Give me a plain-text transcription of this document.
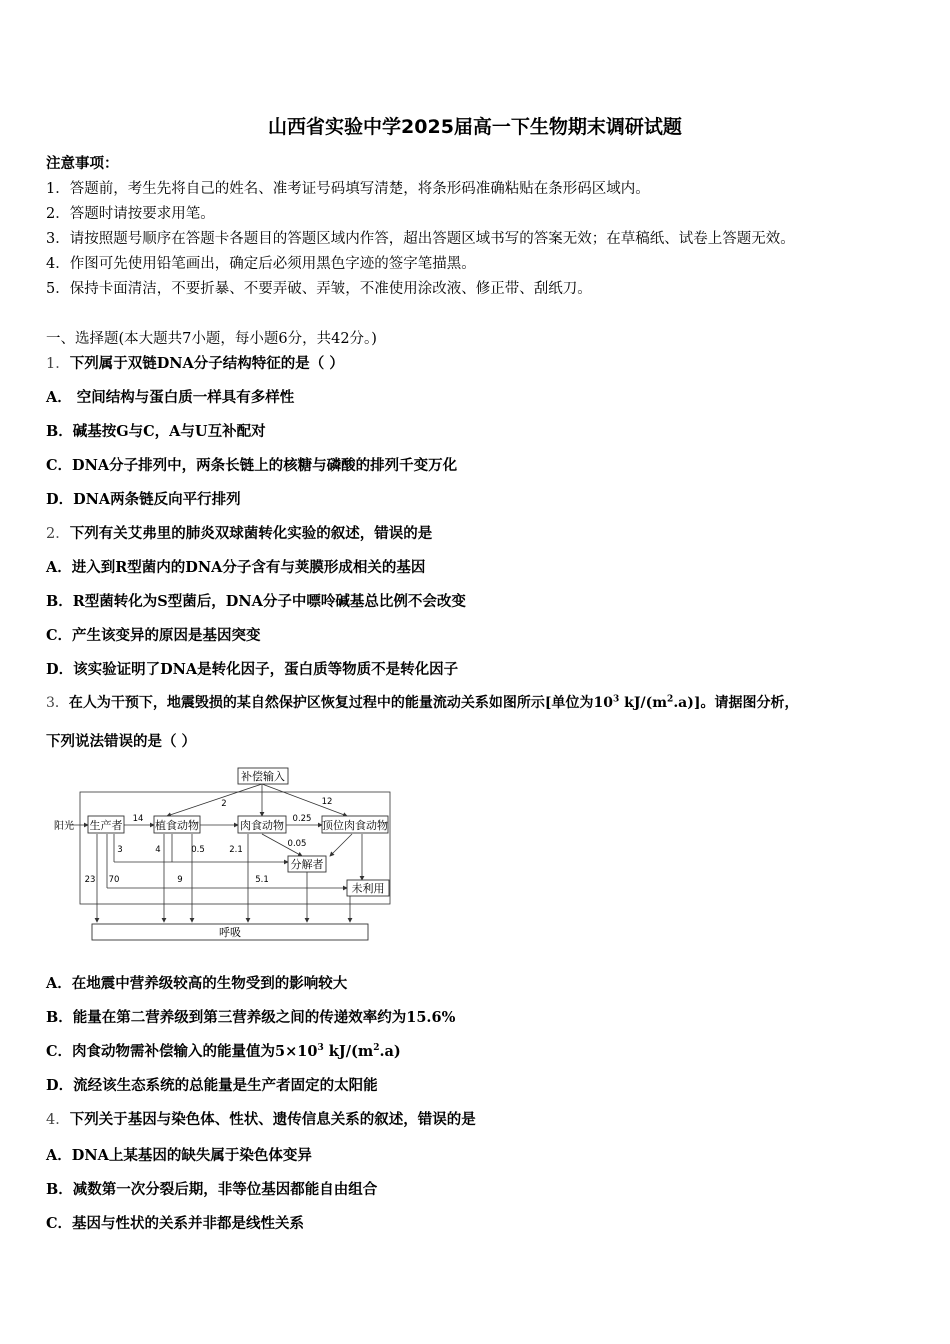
山西省实验中学2025届高一下生物期末调研试题
注意事项：
1．答题前，考生先将自己的姓名、准考证号码填写清楚，将条形码准确粘贴在条形码区域内。
2．答题时请按要求用笔。
3．请按照题号顺序在答题卡各题目的答题区域内作答，超出答题区域书写的答案无效；在草稿纸、试卷上答题无效。
4．作图可先使用铅笔画出，确定后必须用黑色字迹的签字笔描黑。
5．保持卡面清洁，不要折暴、不要弄破、弄皱，不准使用涂改液、修正带、刮纸刀。
一、选择题(本大题共7小题，每小题6分，共42分。)
1．下列属于双链DNA分子结构特征的是（ ）
A． 空间结构与蛋白质一样具有多样性
B．碱基按G与C，A与U互补配对
C．DNA分子排列中，两条长链上的核糖与磷酸的排列千变万化
D．DNA两条链反向平行排列
2．下列有关艾弗里的肺炎双球菌转化实验的叙述，错误的是
A．进入到R型菌内的DNA分子含有与荚膜形成相关的基因
B．R型菌转化为S型菌后，DNA分子中嘌呤碱基总比例不会改变
C．产生该变异的原因是基因突变
D．该实验证明了DNA是转化因子，蛋白质等物质不是转化因子
3．在人为干预下，地震毁损的某自然保护区恢复过程中的能量流动关系如图所示[单位为$10^3$ $kJ/(m^2.a)$]。请据图分析，
下列说法错误的是（ ）
补偿输入
生产者	植食动物	肉食动物	顶位肉食动物
分解者
未利用
呼吸
阳光
14
2	12
0.25
0.05
3	4	0.5	2.1
23 70	9	5.1
A．在地震中营养级较高的生物受到的影响较大
B．能量在第二营养级到第三营养级之间的传递效率约为15.6%
C．肉食动物需补偿输入的能量值为$5\times 10^3$ $kJ/(m^2.a)$
D．流经该生态系统的总能量是生产者固定的太阳能
4．下列关于基因与染色体、性状、遗传信息关系的叙述，错误的是
A．DNA上某基因的缺失属于染色体变异
B．减数第一次分裂后期，非等位基因都能自由组合
C．基因与性状的关系并非都是线性关系
